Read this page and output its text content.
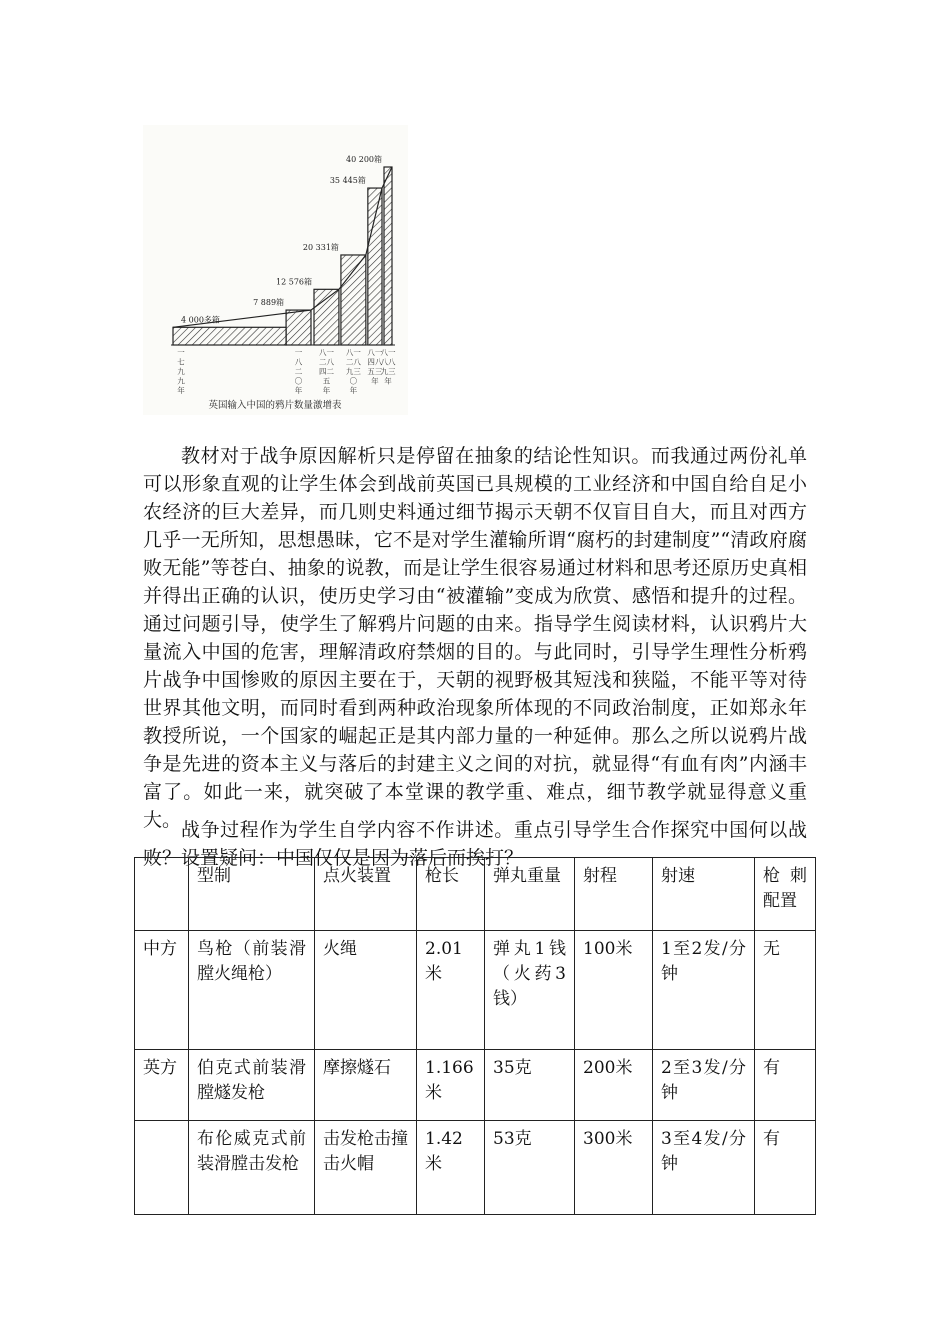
4 000多箱
7 889箱
12 576箱
20 331箱
35 445箱
40 200箱
一
七
九
九
年
一
八
二
〇
年
八一
二八
四二
五
年
八一
二八
九三
〇
年
八一
四八
五三
年
八一
八八
九三
年
英国输入中国的鸦片数量激增表

教材对于战争原因解析只是停留在抽象的结论性知识。而我通过两份礼单可以形象直观的让学生体会到战前英国已具规模的工业经济和中国自给自足小农经济的巨大差异，而几则史料通过细节揭示天朝不仅盲目自大，而且对西方几乎一无所知，思想愚昧，它不是对学生灌输所谓“腐朽的封建制度”“清政府腐败无能”等苍白、抽象的说教，而是让学生很容易通过材料和思考还原历史真相并得出正确的认识，使历史学习由“被灌输”变成为欣赏、感悟和提升的过程。通过问题引导，使学生了解鸦片问题的由来。指导学生阅读材料，认识鸦片大量流入中国的危害，理解清政府禁烟的目的。与此同时，引导学生理性分析鸦片战争中国惨败的原因主要在于，天朝的视野极其短浅和狭隘，不能平等对待世界其他文明，而同时看到两种政治现象所体现的不同政治制度，正如郑永年教授所说，一个国家的崛起正是其内部力量的一种延伸。那么之所以说鸦片战争是先进的资本主义与落后的封建主义之间的对抗，就显得“有血有肉”内涵丰富了。如此一来，就突破了本堂课的教学重、难点，细节教学就显得意义重大。 战争过程作为学生自学内容不作讲述。重点引导学生合作探究中国何以战败？设置疑问：中国仅仅是因为落后而挨打？

	型制	点火装置	枪长	弹丸重量	射程	射速	枪刺配置
中方	鸟枪（前装滑膛火绳枪）	火绳	2.01米	弹丸1钱（火药3钱）	100米	1至2发/分钟	无
英方	伯克式前装滑膛燧发枪	摩擦燧石	1.166米	35克	200米	2至3发/分钟	有
	布伦威克式前装滑膛击发枪	击发枪击撞击火帽	1.42米	53克	300米	3至4发/分钟	有
